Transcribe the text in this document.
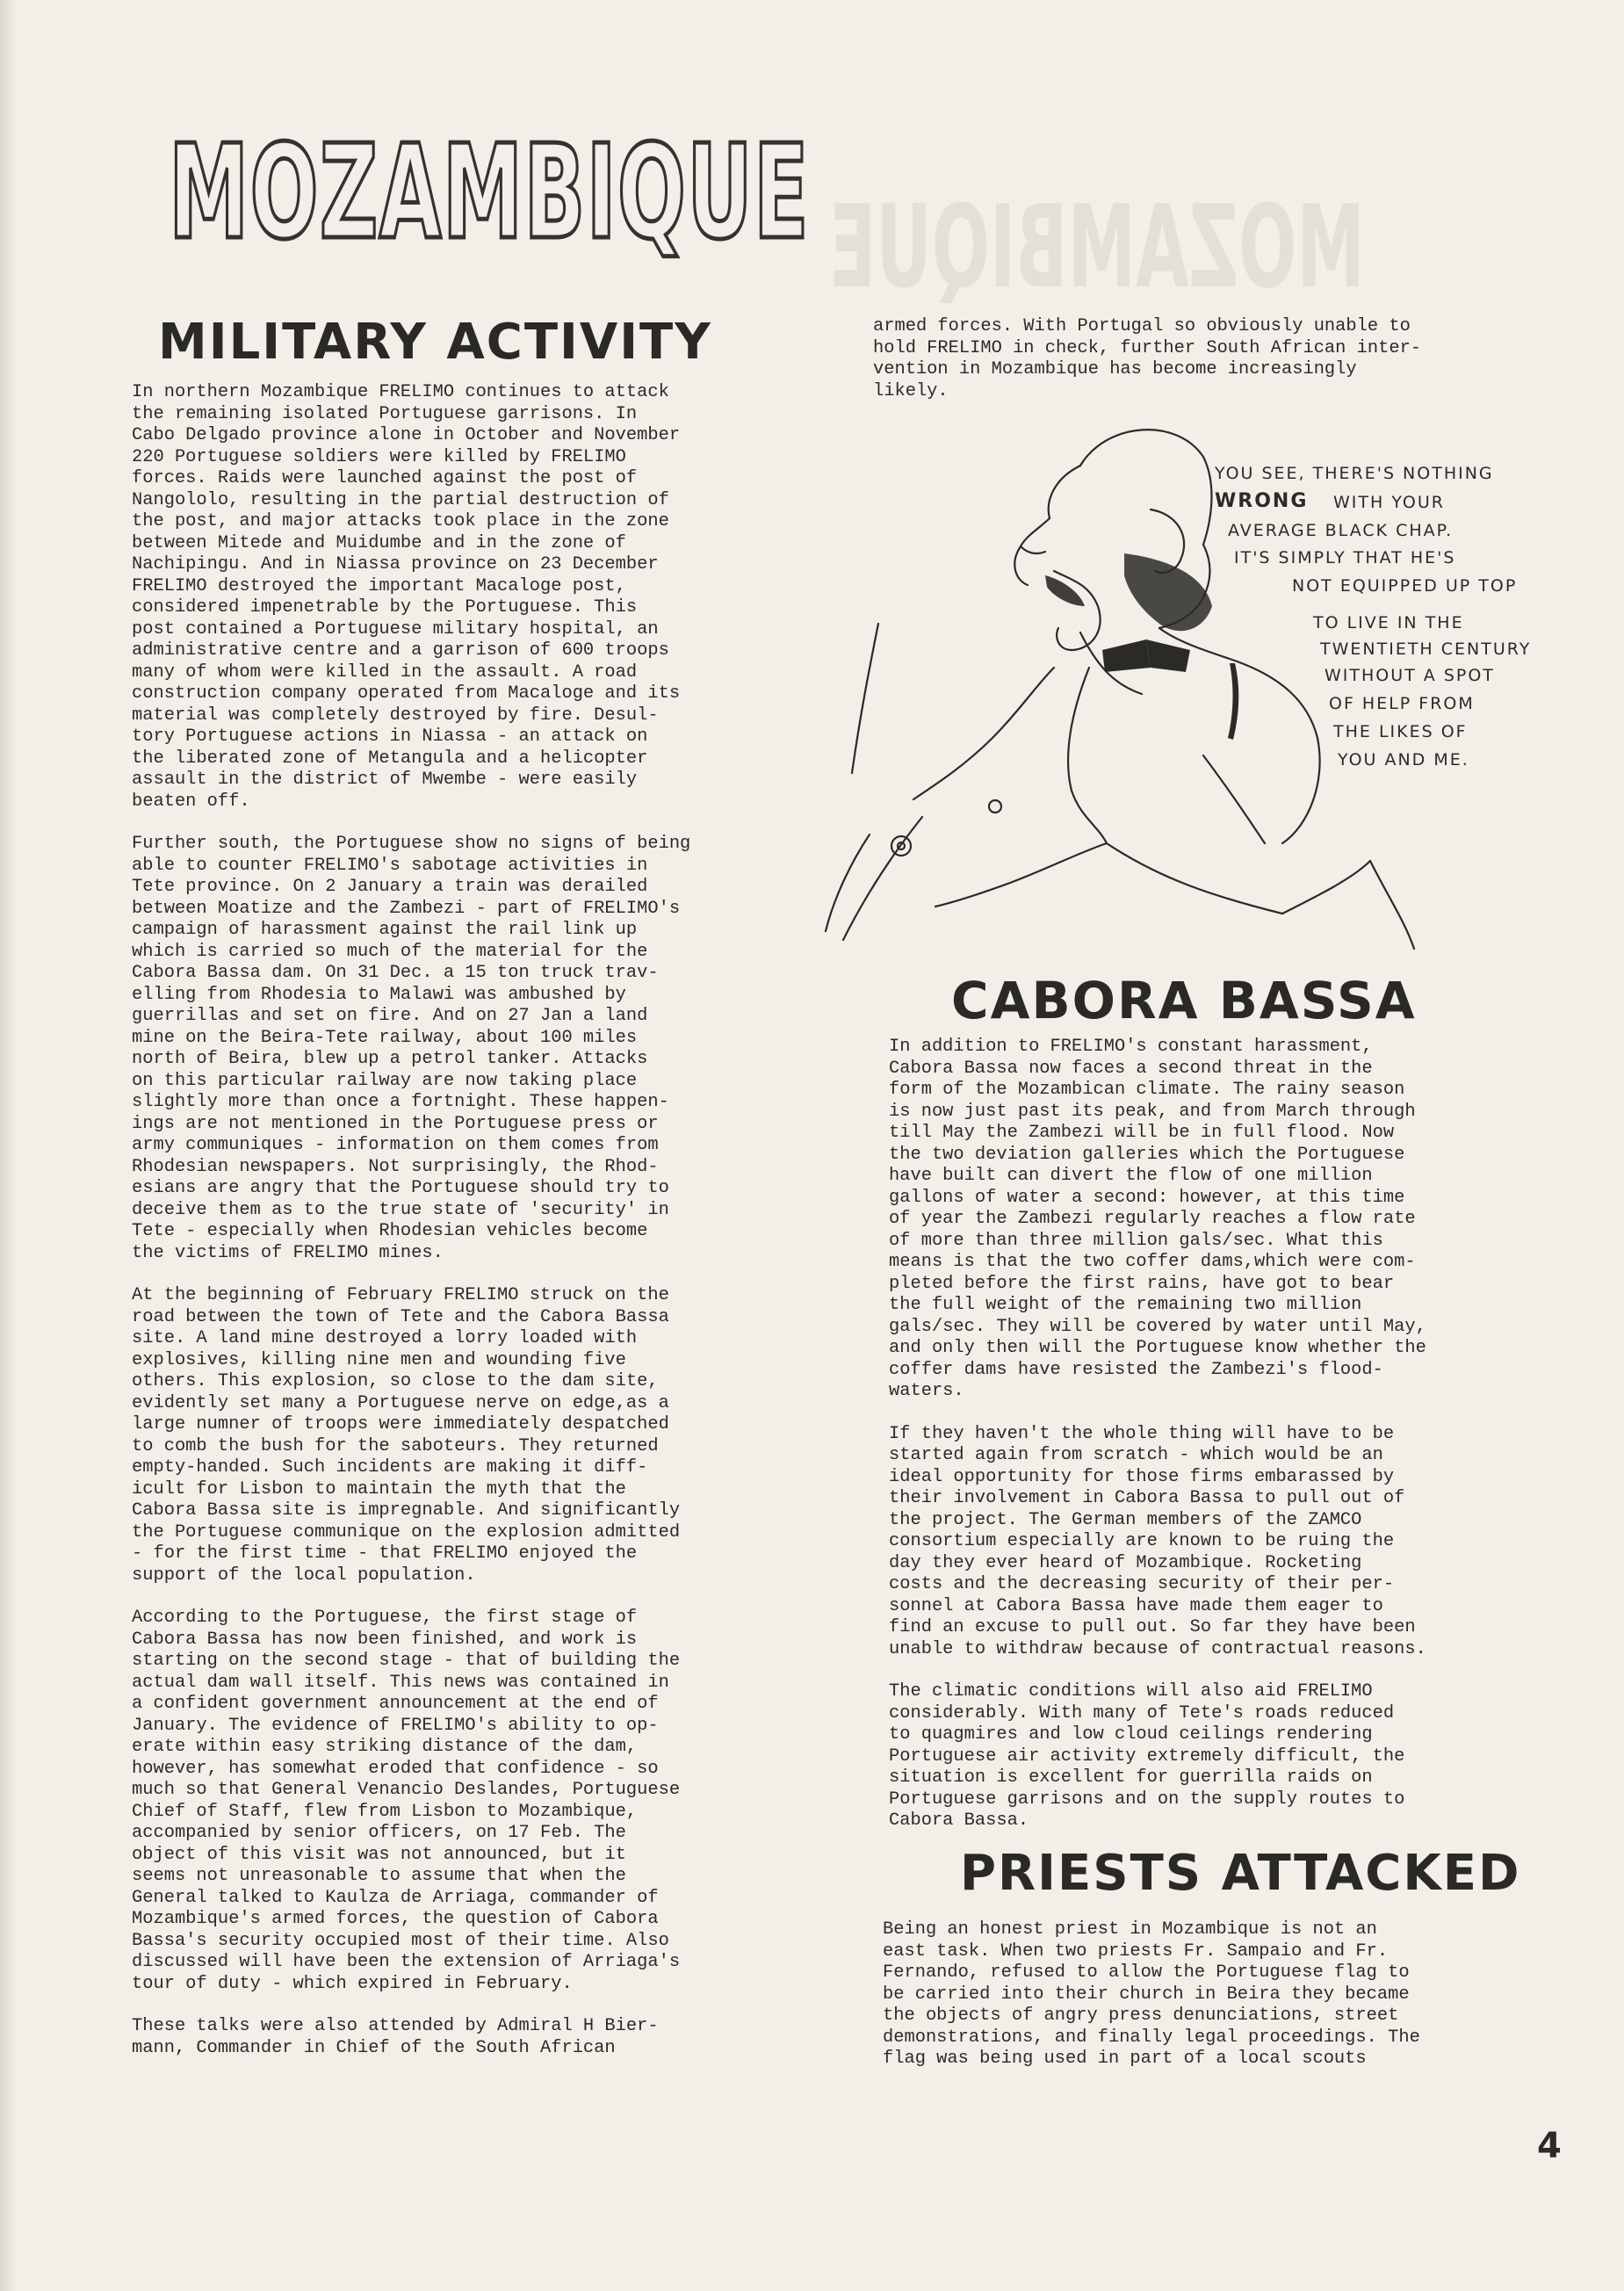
MOZAMBIQUE
MOZAMBIQUE
MILITARY ACTIVITY

In northern Mozambique FRELIMO continues to attack
the remaining isolated Portuguese garrisons. In
Cabo Delgado province alone in October and November
220 Portuguese soldiers were killed by FRELIMO
forces. Raids were launched against the post of
Nangololo, resulting in the partial destruction of
the post, and major attacks took place in the zone
between Mitede and Muidumbe and in the zone of
Nachipingu. And in Niassa province on 23 December
FRELIMO destroyed the important Macaloge post,
considered impenetrable by the Portuguese. This
post contained a Portuguese military hospital, an
administrative centre and a garrison of 600 troops
many of whom were killed in the assault. A road
construction company operated from Macaloge and its
material was completely destroyed by fire. Desul-
tory Portuguese actions in Niassa - an attack on
the liberated zone of Metangula and a helicopter
assault in the district of Mwembe - were easily
beaten off.

Further south, the Portuguese show no signs of being
able to counter FRELIMO's sabotage activities in
Tete province. On 2 January a train was derailed
between Moatize and the Zambezi - part of FRELIMO's
campaign of harassment against the rail link up
which is carried so much of the material for the
Cabora Bassa dam. On 31 Dec. a 15 ton truck trav-
elling from Rhodesia to Malawi was ambushed by
guerrillas and set on fire. And on 27 Jan a land
mine on the Beira-Tete railway, about 100 miles
north of Beira, blew up a petrol tanker. Attacks
on this particular railway are now taking place
slightly more than once a fortnight. These happen-
ings are not mentioned in the Portuguese press or
army communiques - information on them comes from
Rhodesian newspapers. Not surprisingly, the Rhod-
esians are angry that the Portuguese should try to
deceive them as to the true state of 'security' in
Tete - especially when Rhodesian vehicles become
the victims of FRELIMO mines.

At the beginning of February FRELIMO struck on the
road between the town of Tete and the Cabora Bassa
site. A land mine destroyed a lorry loaded with
explosives, killing nine men and wounding five
others. This explosion, so close to the dam site,
evidently set many a Portuguese nerve on edge,as a
large numner of troops were immediately despatched
to comb the bush for the saboteurs. They returned
empty-handed. Such incidents are making it diff-
icult for Lisbon to maintain the myth that the
Cabora Bassa site is impregnable. And significantly
the Portuguese communique on the explosion admitted
- for the first time - that FRELIMO enjoyed the
support of the local population.

According to the Portuguese, the first stage of
Cabora Bassa has now been finished, and work is
starting on the second stage - that of building the
actual dam wall itself. This news was contained in
a confident government announcement at the end of
January. The evidence of FRELIMO's ability to op-
erate within easy striking distance of the dam,
however, has somewhat eroded that confidence - so
much so that General Venancio Deslandes, Portuguese
Chief of Staff, flew from Lisbon to Mozambique,
accompanied by senior officers, on 17 Feb. The
object of this visit was not announced, but it
seems not unreasonable to assume that when the
General talked to Kaulza de Arriaga, commander of
Mozambique's armed forces, the question of Cabora
Bassa's security occupied most of their time. Also
discussed will have been the extension of Arriaga's
tour of duty - which expired in February.

These talks were also attended by Admiral H Bier-
mann, Commander in Chief of the South African

armed forces. With Portugal so obviously unable to
hold FRELIMO in check, further South African inter-
vention in Mozambique has become increasingly
likely.

YOU SEE, THERE'S NOTHING
WRONG WITH YOUR
AVERAGE BLACK CHAP.
IT'S SIMPLY THAT HE'S
NOT EQUIPPED UP TOP
TO LIVE IN THE
TWENTIETH CENTURY
WITHOUT A SPOT
OF HELP FROM
THE LIKES OF
YOU AND ME.
CABORA BASSA

In addition to FRELIMO's constant harassment,
Cabora Bassa now faces a second threat in the
form of the Mozambican climate. The rainy season
is now just past its peak, and from March through
till May the Zambezi will be in full flood. Now
the two deviation galleries which the Portuguese
have built can divert the flow of one million
gallons of water a second: however, at this time
of year the Zambezi regularly reaches a flow rate
of more than three million gals/sec. What this
means is that the two coffer dams,which were com-
pleted before the first rains, have got to bear
the full weight of the remaining two million
gals/sec. They will be covered by water until May,
and only then will the Portuguese know whether the
coffer dams have resisted the Zambezi's flood-
waters.

If they haven't the whole thing will have to be
started again from scratch - which would be an
ideal opportunity for those firms embarassed by
their involvement in Cabora Bassa to pull out of
the project. The German members of the ZAMCO
consortium especially are known to be ruing the
day they ever heard of Mozambique. Rocketing
costs and the decreasing security of their per-
sonnel at Cabora Bassa have made them eager to
find an excuse to pull out. So far they have been
unable to withdraw because of contractual reasons.

The climatic conditions will also aid FRELIMO
considerably. With many of Tete's roads reduced
to quagmires and low cloud ceilings rendering
Portuguese air activity extremely difficult, the
situation is excellent for guerrilla raids on
Portuguese garrisons and on the supply routes to
Cabora Bassa.

PRIESTS ATTACKED

Being an honest priest in Mozambique is not an
east task. When two priests Fr. Sampaio and Fr.
Fernando, refused to allow the Portuguese flag to
be carried into their church in Beira they became
the objects of angry press denunciations, street
demonstrations, and finally legal proceedings. The
flag was being used in part of a local scouts

4
